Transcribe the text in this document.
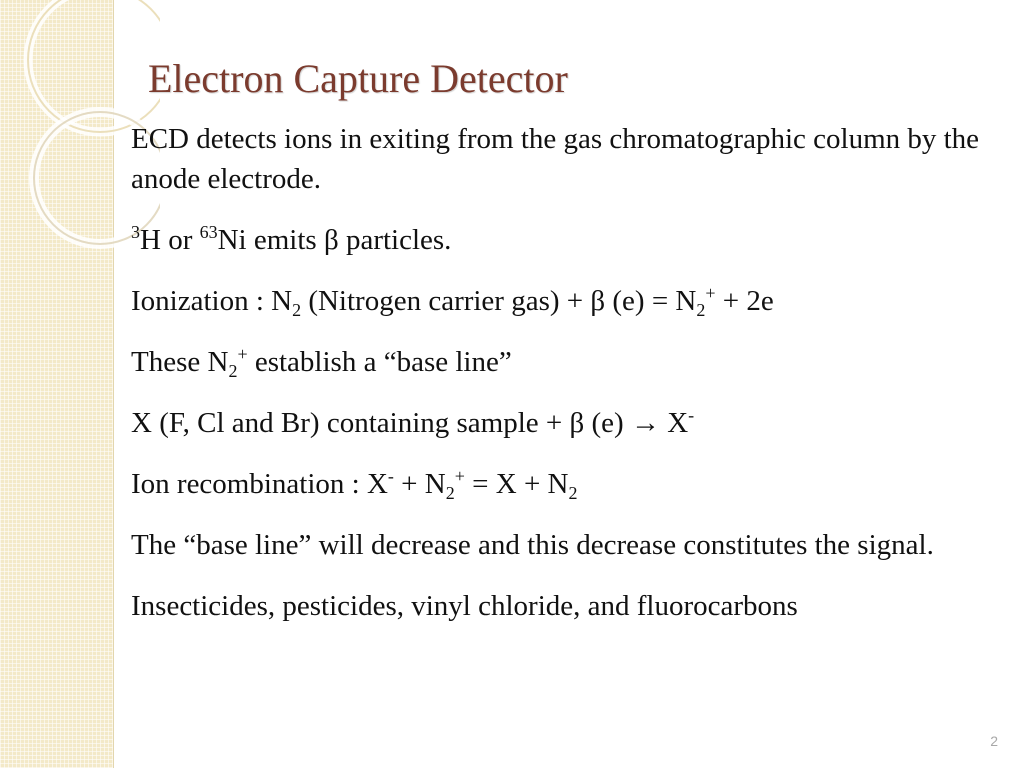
Electron Capture Detector

ECD detects ions in exiting from the gas chromatographic column by the anode electrode.

$^3$H or $^{63}$Ni emits β particles.

Ionization : $N_2$ (Nitrogen carrier gas) + β $(e) = N_2^+ + 2e$

These $N_2^+$ establish a “base line”

X (F, Cl and Br) containing sample + β (e) → X-

Ion recombination : $X^- + N_2^+ = X + N_2$

The “base line” will decrease and this decrease constitutes the signal.

Insecticides, pesticides, vinyl chloride, and fluorocarbons

2
